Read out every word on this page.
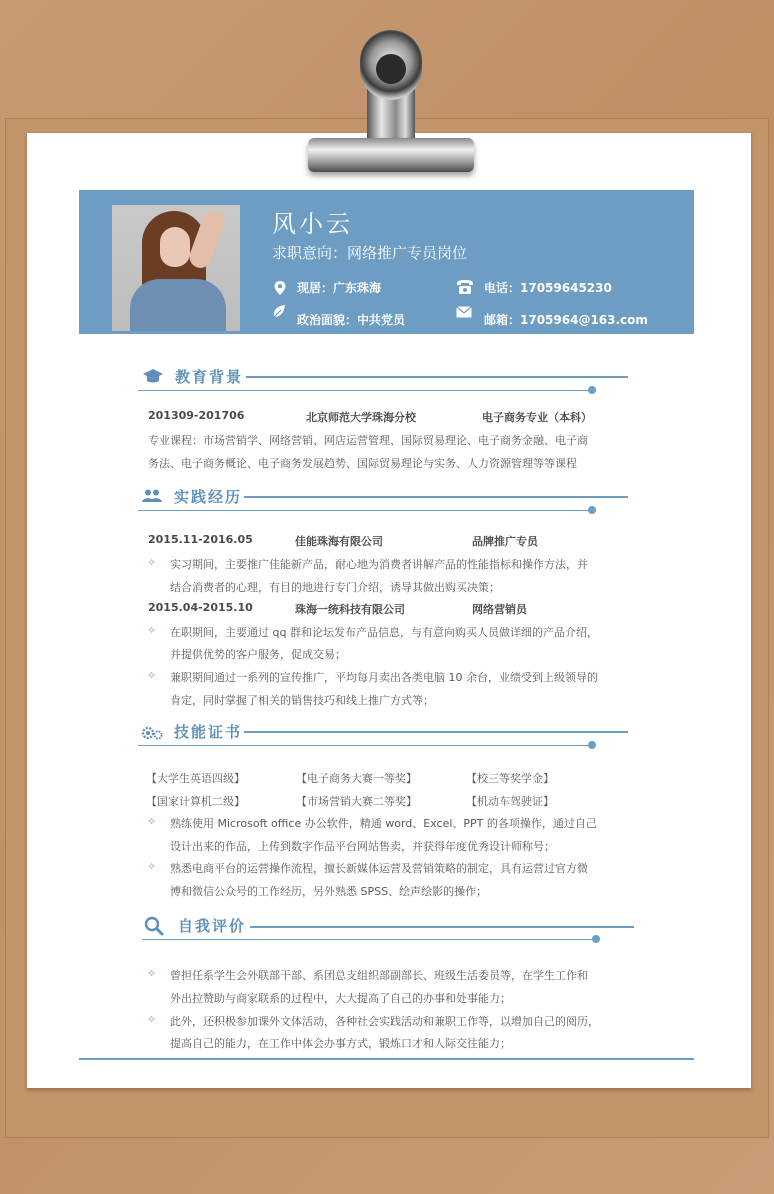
风小云
求职意向：网络推广专员岗位
现居：广东珠海	电话：17059645230
政治面貌：中共党员	邮箱：1705964@163.com
教育背景
201309-201706	北京师范大学珠海分校	电子商务专业（本科）
专业课程：市场营销学、网络营销、网店运营管理、国际贸易理论、电子商务金融、电子商
务法、电子商务概论、电子商务发展趋势、国际贸易理论与实务、人力资源管理等等课程
实践经历
2015.11-2016.05	佳能珠海有限公司	品牌推广专员
✧ 实习期间，主要推广佳能新产品，耐心地为消费者讲解产品的性能指标和操作方法，并
结合消费者的心理，有目的地进行专门介绍，诱导其做出购买决策；
2015.04-2015.10	珠海一统科技有限公司	网络营销员
✧ 在职期间，主要通过 qq 群和论坛发布产品信息，与有意向购买人员做详细的产品介绍，
并提供优势的客户服务，促成交易；
✧ 兼职期间通过一系列的宣传推广，平均每月卖出各类电脑 10 余台，业绩受到上级领导的
肯定，同时掌握了相关的销售技巧和线上推广方式等；
技能证书
【大学生英语四级】	【电子商务大赛一等奖】	【校三等奖学金】
【国家计算机二级】	【市场营销大赛二等奖】	【机动车驾驶证】
✧ 熟练使用 Microsoft office 办公软件，精通 word、Excel、PPT 的各项操作，通过自己
设计出来的作品，上传到数字作品平台网站售卖，并获得年度优秀设计师称号；
✧ 熟悉电商平台的运营操作流程，擅长新媒体运营及营销策略的制定，具有运营过官方微
博和微信公众号的工作经历，另外熟悉 SPSS、绘声绘影的操作；
自我评价
✧ 曾担任系学生会外联部干部、系团总支组织部副部长、班级生活委员等，在学生工作和
外出拉赞助与商家联系的过程中，大大提高了自己的办事和处事能力；
✧ 此外，还积极参加课外文体活动，各种社会实践活动和兼职工作等，以增加自己的阅历，
提高自己的能力，在工作中体会办事方式，锻炼口才和人际交往能力；
